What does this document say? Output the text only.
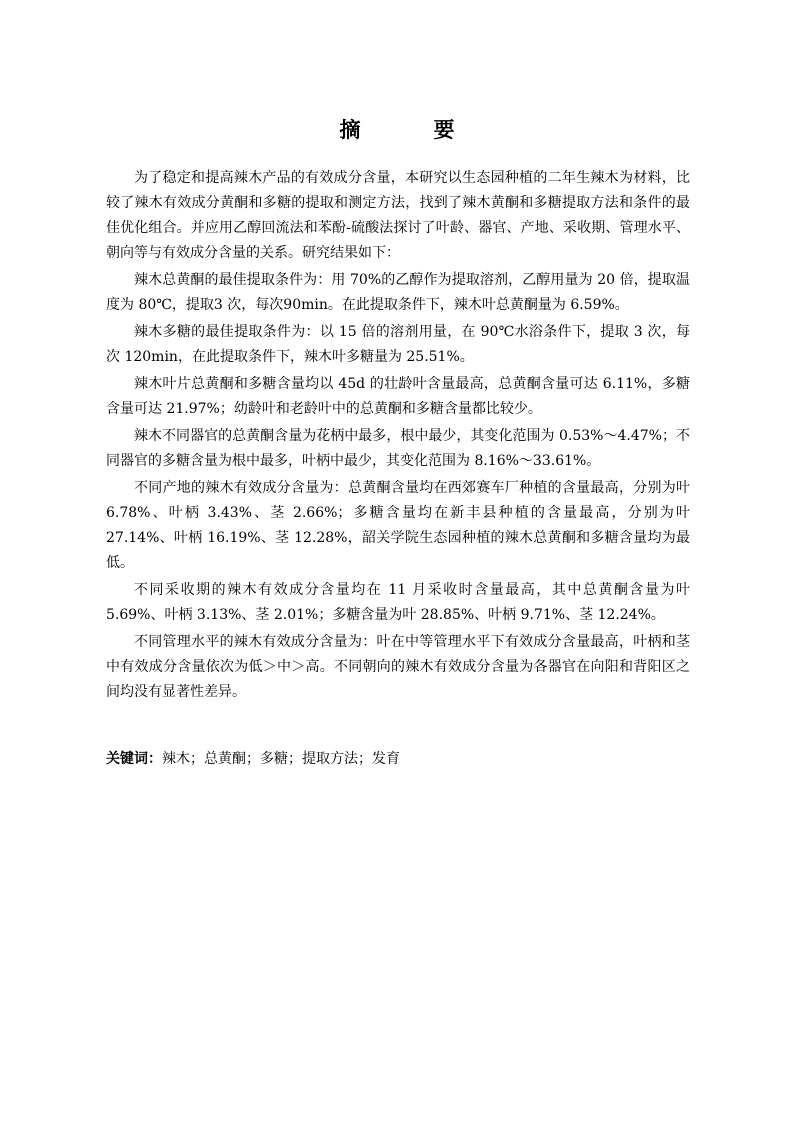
摘　要

为了稳定和提高辣木产品的有效成分含量，本研究以生态园种植的二年生辣木为材料，比较了辣木有效成分黄酮和多糖的提取和测定方法，找到了辣木黄酮和多糖提取方法和条件的最佳优化组合。并应用乙醇回流法和苯酚-硫酸法探讨了叶龄、器官、产地、采收期、管理水平、朝向等与有效成分含量的关系。研究结果如下：

辣木总黄酮的最佳提取条件为：用 70%的乙醇作为提取溶剂，乙醇用量为 20 倍，提取温度为 80℃，提取3 次，每次90min。在此提取条件下，辣木叶总黄酮量为 6.59%。

辣木多糖的最佳提取条件为：以 15 倍的溶剂用量，在 90℃水浴条件下，提取 3 次，每次 120min，在此提取条件下，辣木叶多糖量为 25.51%。

辣木叶片总黄酮和多糖含量均以 45d 的壮龄叶含量最高，总黄酮含量可达 6.11%，多糖含量可达 21.97%；幼龄叶和老龄叶中的总黄酮和多糖含量都比较少。

辣木不同器官的总黄酮含量为花柄中最多，根中最少，其变化范围为 0.53%～4.47%；不同器官的多糖含量为根中最多，叶柄中最少，其变化范围为 8.16%～33.61%。

不同产地的辣木有效成分含量为：总黄酮含量均在西郊赛车厂种植的含量最高，分别为叶 6.78%、叶柄 3.43%、茎 2.66%；多糖含量均在新丰县种植的含量最高，分别为叶 27.14%、叶柄 16.19%、茎 12.28%，韶关学院生态园种植的辣木总黄酮和多糖含量均为最低。

不同采收期的辣木有效成分含量均在 11 月采收时含量最高，其中总黄酮含量为叶 5.69%、叶柄 3.13%、茎 2.01%；多糖含量为叶 28.85%、叶柄 9.71%、茎 12.24%。

不同管理水平的辣木有效成分含量为：叶在中等管理水平下有效成分含量最高，叶柄和茎中有效成分含量依次为低＞中＞高。不同朝向的辣木有效成分含量为各器官在向阳和背阳区之间均没有显著性差异。

关键词：辣木；总黄酮；多糖；提取方法；发育
